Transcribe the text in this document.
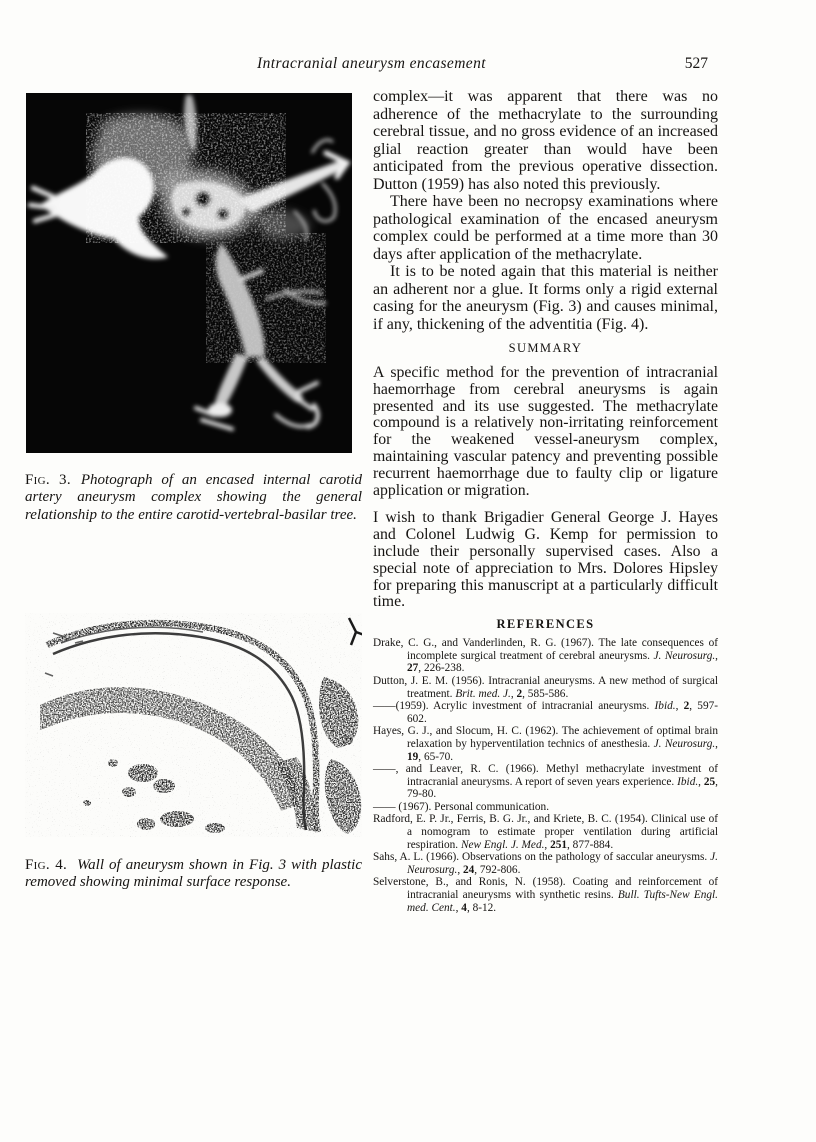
Intracranial aneurysm encasement	527

Fig. 3. Photograph of an encased internal carotid artery aneurysm complex showing the general relationship to the entire carotid-vertebral-basilar tree.

Fig. 4. Wall of aneurysm shown in Fig. 3 with plastic removed showing minimal surface response.

complex—it was apparent that there was no adherence of the methacrylate to the surrounding cerebral tissue, and no gross evidence of an increased glial reaction greater than would have been anticipated from the previous operative dissection. Dutton (1959) has also noted this previously.

There have been no necropsy examinations where pathological examination of the encased aneurysm complex could be performed at a time more than 30 days after application of the methacrylate.

It is to be noted again that this material is neither an adherent nor a glue. It forms only a rigid external casing for the aneurysm (Fig. 3) and causes minimal, if any, thickening of the adventitia (Fig. 4).

SUMMARY

A specific method for the prevention of intracranial haemorrhage from cerebral aneurysms is again presented and its use suggested. The methacrylate compound is a relatively non-irritating reinforcement for the weakened vessel-aneurysm complex, maintaining vascular patency and preventing possible recurrent haemorrhage due to faulty clip or ligature application or migration.

I wish to thank Brigadier General George J. Hayes and Colonel Ludwig G. Kemp for permission to include their personally supervised cases. Also a special note of appreciation to Mrs. Dolores Hipsley for preparing this manuscript at a particularly difficult time.

REFERENCES

Drake, C. G., and Vanderlinden, R. G. (1967). The late consequences of incomplete surgical treatment of cerebral aneurysms. J. Neurosurg., 27, 226-238.

Dutton, J. E. M. (1956). Intracranial aneurysms. A new method of surgical treatment. Brit. med. J., 2, 585-586.

——(1959). Acrylic investment of intracranial aneurysms. Ibid., 2, 597-602.

Hayes, G. J., and Slocum, H. C. (1962). The achievement of optimal brain relaxation by hyperventilation technics of anesthesia. J. Neurosurg., 19, 65-70.

——, and Leaver, R. C. (1966). Methyl methacrylate investment of intracranial aneurysms. A report of seven years experience. Ibid., 25, 79-80.

—— (1967). Personal communication.

Radford, E. P. Jr., Ferris, B. G. Jr., and Kriete, B. C. (1954). Clinical use of a nomogram to estimate proper ventilation during artificial respiration. New Engl. J. Med., 251, 877-884.

Sahs, A. L. (1966). Observations on the pathology of saccular aneurysms. J. Neurosurg., 24, 792-806.

Selverstone, B., and Ronis, N. (1958). Coating and reinforcement of intracranial aneurysms with synthetic resins. Bull. Tufts-New Engl. med. Cent., 4, 8-12.
